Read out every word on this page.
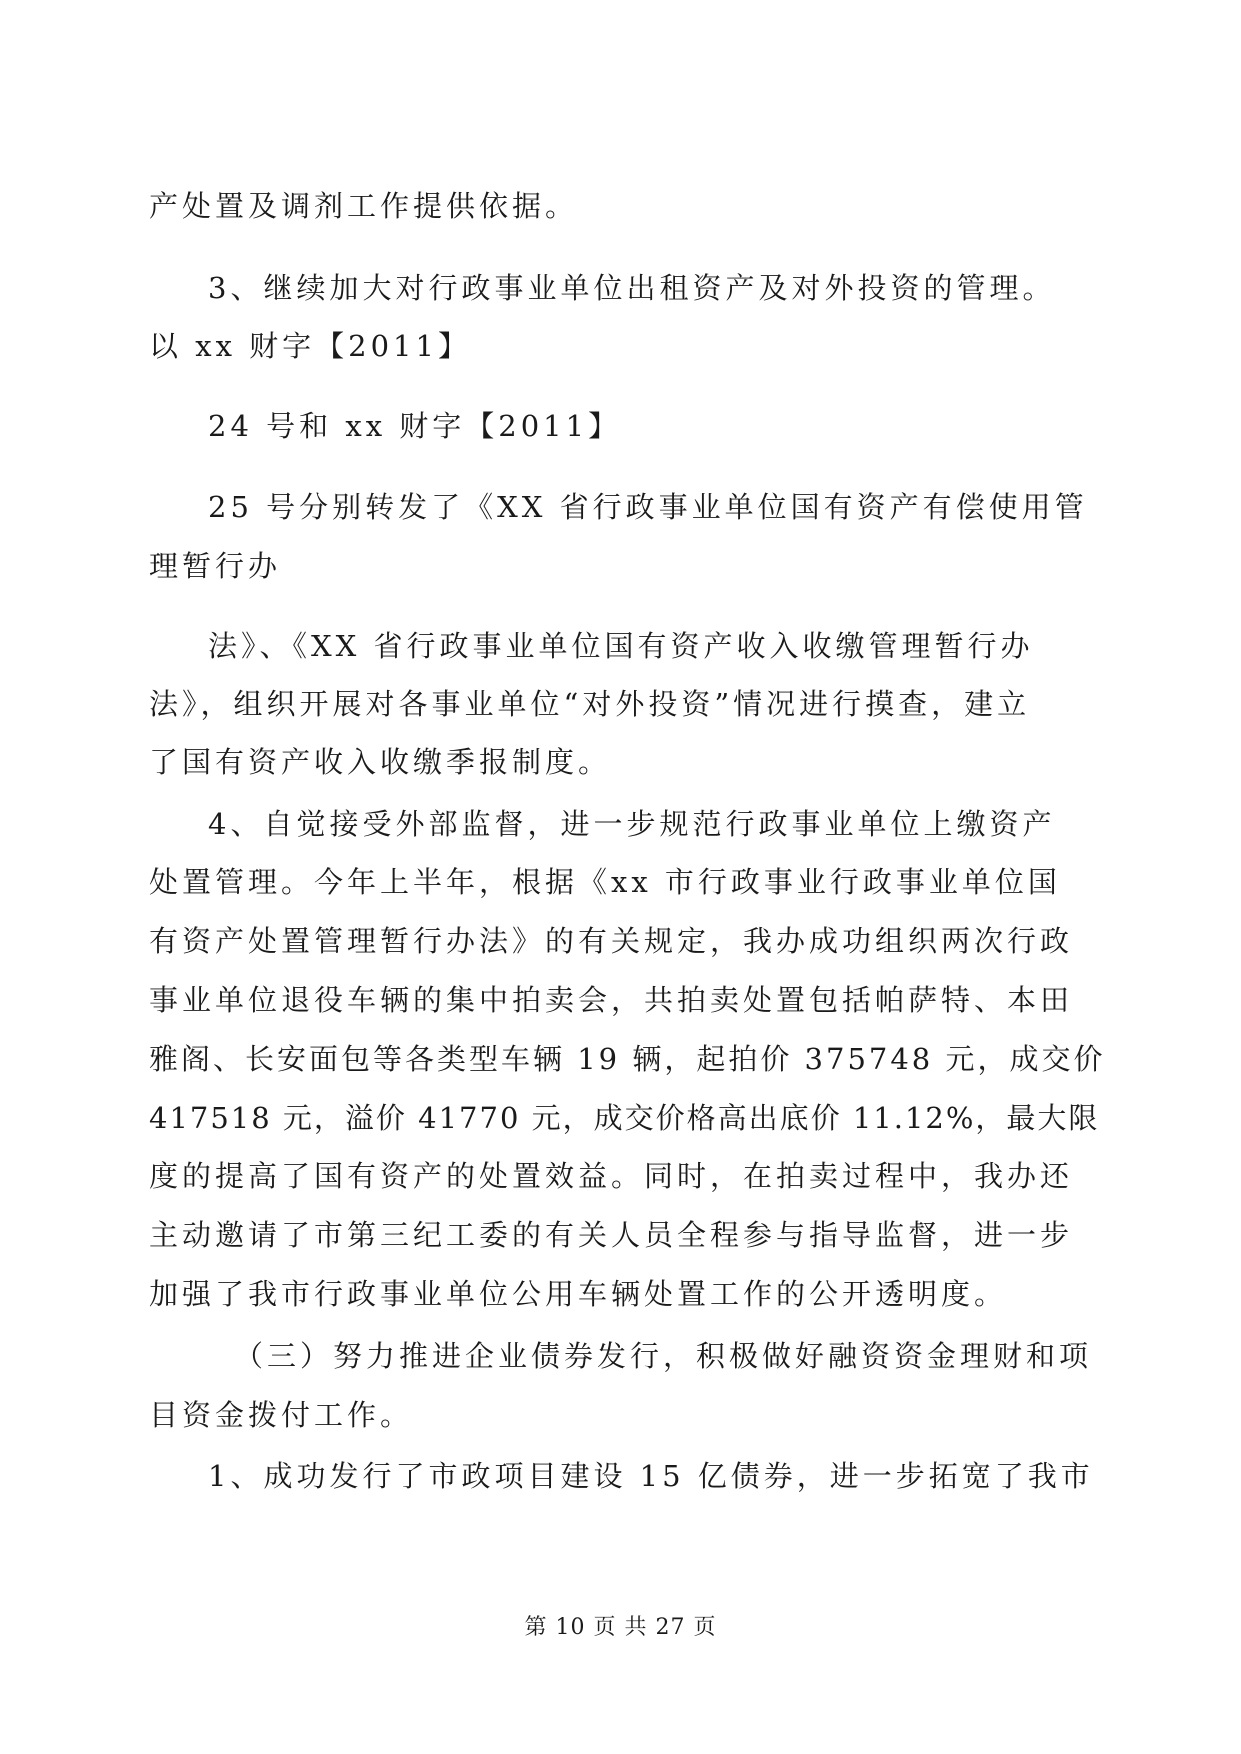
产处置及调剂工作提供依据。
3、继续加大对行政事业单位出租资产及对外投资的管理。
以 xx 财字【2011】
24 号和 xx 财字【2011】
25 号分别转发了《XX 省行政事业单位国有资产有偿使用管
理暂行办
法》、《XX 省行政事业单位国有资产收入收缴管理暂行办
法》，组织开展对各事业单位“对外投资”情况进行摸查，建立
了国有资产收入收缴季报制度。
4、自觉接受外部监督，进一步规范行政事业单位上缴资产
处置管理。今年上半年，根据《xx 市行政事业行政事业单位国
有资产处置管理暂行办法》的有关规定，我办成功组织两次行政
事业单位退役车辆的集中拍卖会，共拍卖处置包括帕萨特、本田
雅阁、长安面包等各类型车辆 19 辆，起拍价 375748 元，成交价
417518 元，溢价 41770 元，成交价格高出底价 11.12%，最大限
度的提高了国有资产的处置效益。同时，在拍卖过程中，我办还
主动邀请了市第三纪工委的有关人员全程参与指导监督，进一步
加强了我市行政事业单位公用车辆处置工作的公开透明度。
（三）努力推进企业债券发行，积极做好融资资金理财和项
目资金拨付工作。
1、成功发行了市政项目建设 15 亿债券，进一步拓宽了我市
第 10 页 共 27 页
